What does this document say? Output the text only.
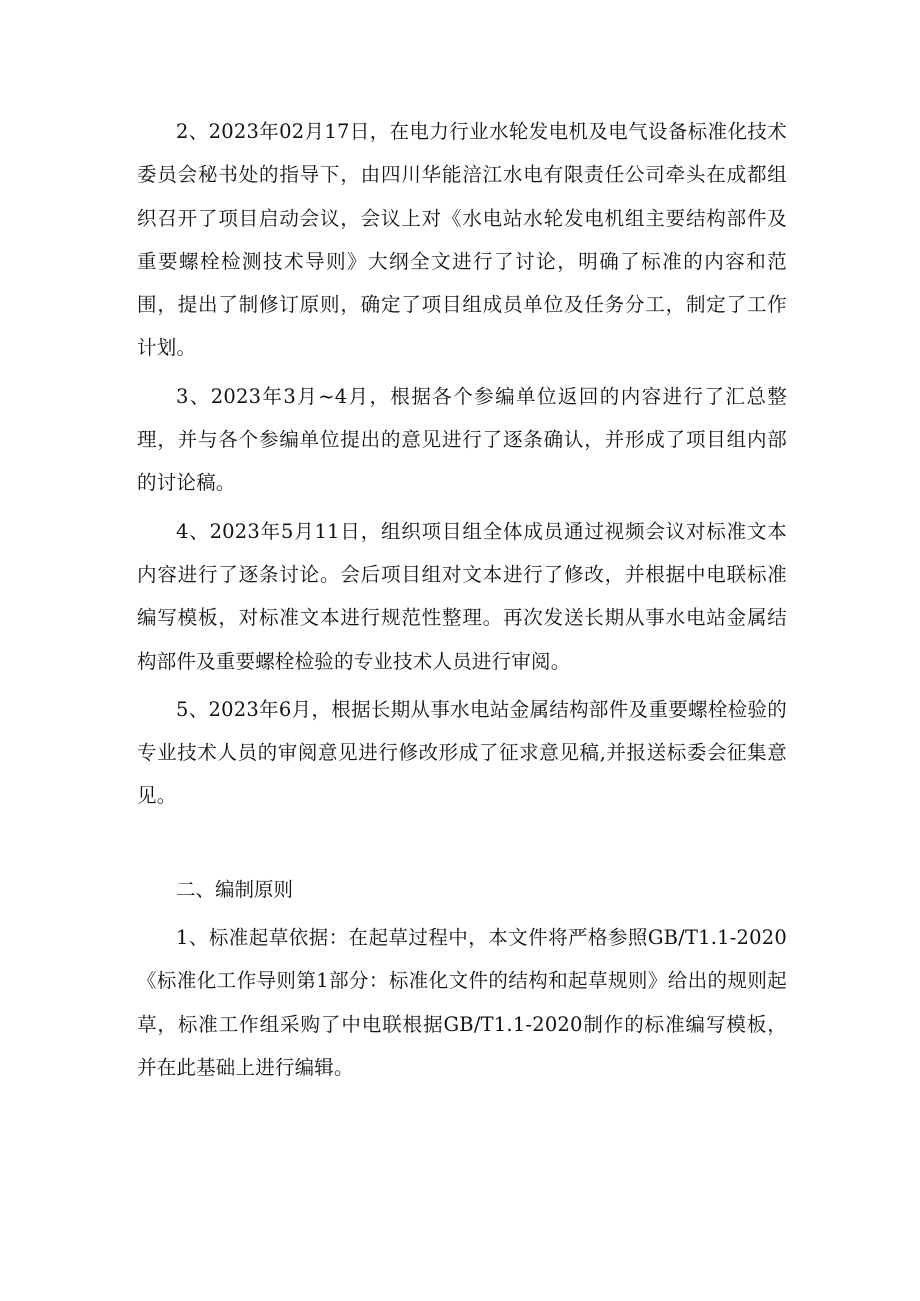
2、2023年02月17日，在电力行业水轮发电机及电气设备标准化技术委员会秘书处的指导下，由四川华能涪江水电有限责任公司牵头在成都组织召开了项目启动会议，会议上对《水电站水轮发电机组主要结构部件及重要螺栓检测技术导则》大纲全文进行了讨论，明确了标准的内容和范围，提出了制修订原则，确定了项目组成员单位及任务分工，制定了工作计划。

3、2023年3月~4月，根据各个参编单位返回的内容进行了汇总整理，并与各个参编单位提出的意见进行了逐条确认，并形成了项目组内部的讨论稿。

4、2023年5月11日，组织项目组全体成员通过视频会议对标准文本内容进行了逐条讨论。会后项目组对文本进行了修改，并根据中电联标准编写模板，对标准文本进行规范性整理。再次发送长期从事水电站金属结构部件及重要螺栓检验的专业技术人员进行审阅。

5、2023年6月，根据长期从事水电站金属结构部件及重要螺栓检验的专业技术人员的审阅意见进行修改形成了征求意见稿,并报送标委会征集意见。

二、编制原则

1、标准起草依据：在起草过程中，本文件将严格参照GB/T1.1-2020《标准化工作导则第1部分：标准化文件的结构和起草规则》给出的规则起草，标准工作组采购了中电联根据GB/T1.1-2020制作的标准编写模板，并在此基础上进行编辑。
